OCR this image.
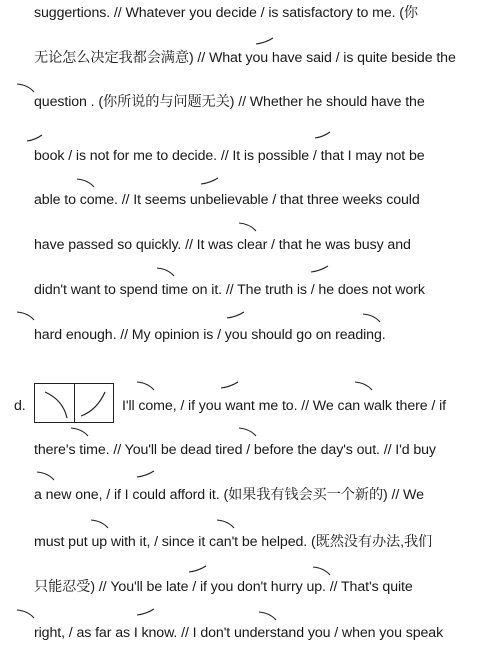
suggertions. // Whatever you decide / is satisfactory to me. (你
无论怎么决定我都会满意) // What you have said / is quite beside the
question . (你所说的与问题无关) // Whether he should have the
book / is not for me to decide. // It is possible / that I may not be
able to come. // It seems unbelievable / that three weeks could
have passed so quickly. // It was clear / that he was busy and
didn't want to spend time on it. // The truth is / he does not work
hard enough. // My opinion is / you should go on reading.
d.	I'll come, / if you want me to. // We can walk there / if
there's time. // You'll be dead tired / before the day's out. // I'd buy
a new one, / if I could afford it. (如果我有钱会买一个新的) // We
must put up with it, / since it can't be helped. (既然没有办法,我们
只能忍受) // You'll be late / if you don't hurry up. // That's quite
right, / as far as I know. // I don't understand you / when you speak
